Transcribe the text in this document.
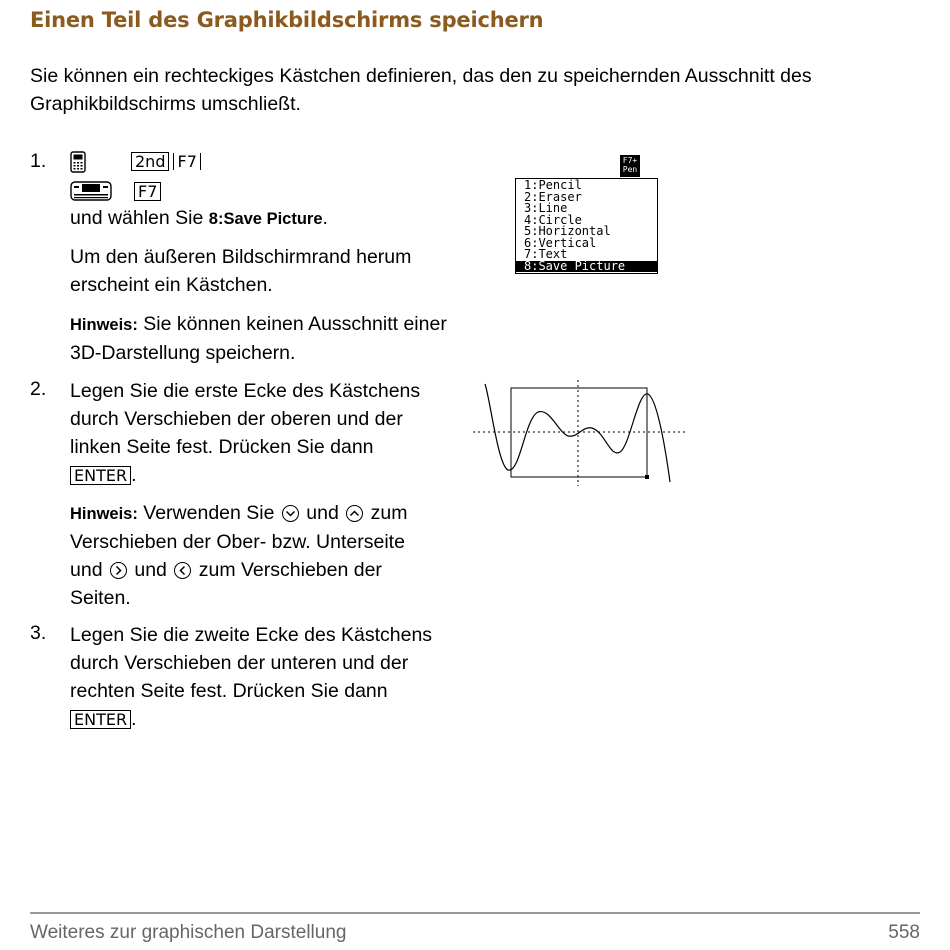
Einen Teil des Graphikbildschirms speichern
Sie können ein rechteckiges Kästchen definieren, das den zu speichernden Ausschnitt des Graphikbildschirms umschließt.
1.	2nd F7
F7
und wählen Sie 8:Save Picture.
Um den äußeren Bildschirmrand herum erscheint ein Kästchen.
Hinweis: Sie können keinen Ausschnitt einer 3D-Darstellung speichern.
2. Legen Sie die erste Ecke des Kästchens durch Verschieben der oberen und der linken Seite fest. Drücken Sie dann ENTER .
Hinweis: Verwenden Sie
und
zum Verschieben der Ober- bzw. Unterseite und
und
zum Verschieben der Seiten.
3. Legen Sie die zweite Ecke des Kästchens durch Verschieben der unteren und der rechten Seite fest. Drücken Sie dann ENTER .
F7+
Pen
1:Pencil
2:Eraser
3:Line
4:Circle
5:Horizontal
6:Vertical
7:Text
8:Save Picture
Weiteres zur graphischen Darstellung	558
